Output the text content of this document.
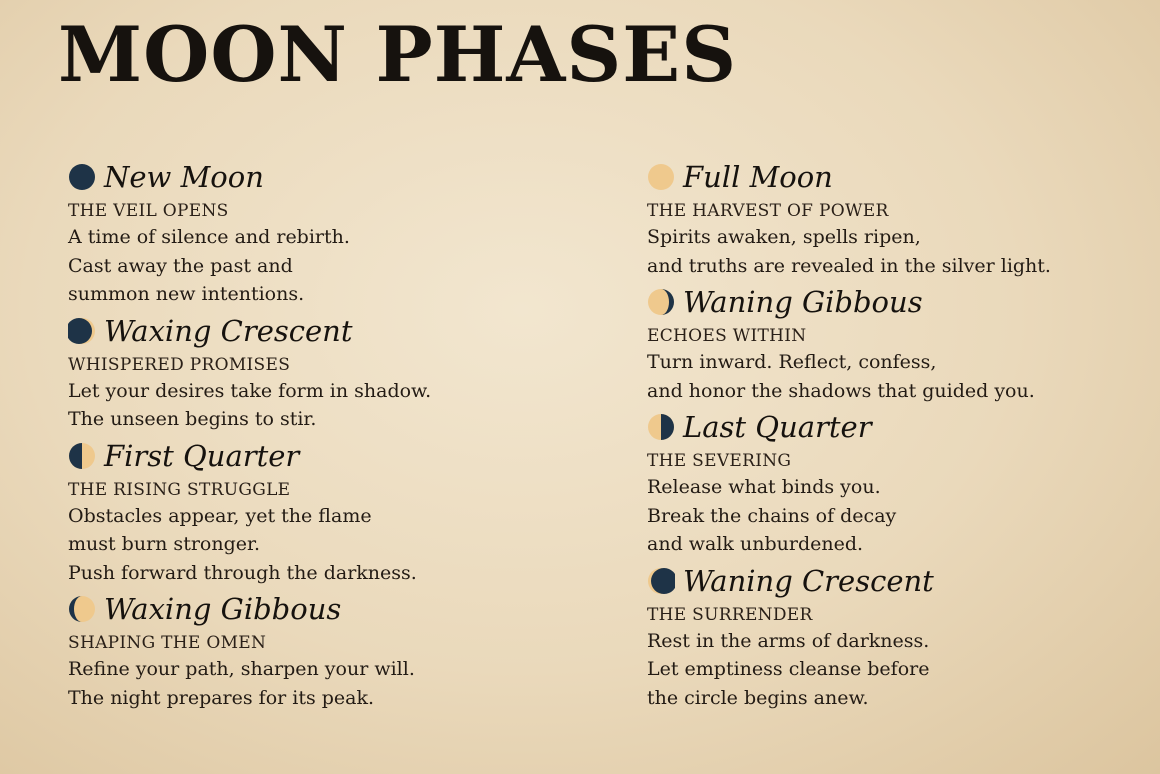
MOON PHASES
New Moon
THE VEIL OPENS
A time of silence and rebirth.
Cast away the past and
summon new intentions.
Waxing Crescent
WHISPERED PROMISES
Let your desires take form in shadow.
The unseen begins to stir.
First Quarter
THE RISING STRUGGLE
Obstacles appear, yet the flame
must burn stronger.
Push forward through the darkness.
Waxing Gibbous
SHAPING THE OMEN
Refine your path, sharpen your will.
The night prepares for its peak.
Full Moon
THE HARVEST OF POWER
Spirits awaken, spells ripen,
and truths are revealed in the silver light.
Waning Gibbous
ECHOES WITHIN
Turn inward. Reflect, confess,
and honor the shadows that guided you.
Last Quarter
THE SEVERING
Release what binds you.
Break the chains of decay
and walk unburdened.
Waning Crescent
THE SURRENDER
Rest in the arms of darkness.
Let emptiness cleanse before
the circle begins anew.
